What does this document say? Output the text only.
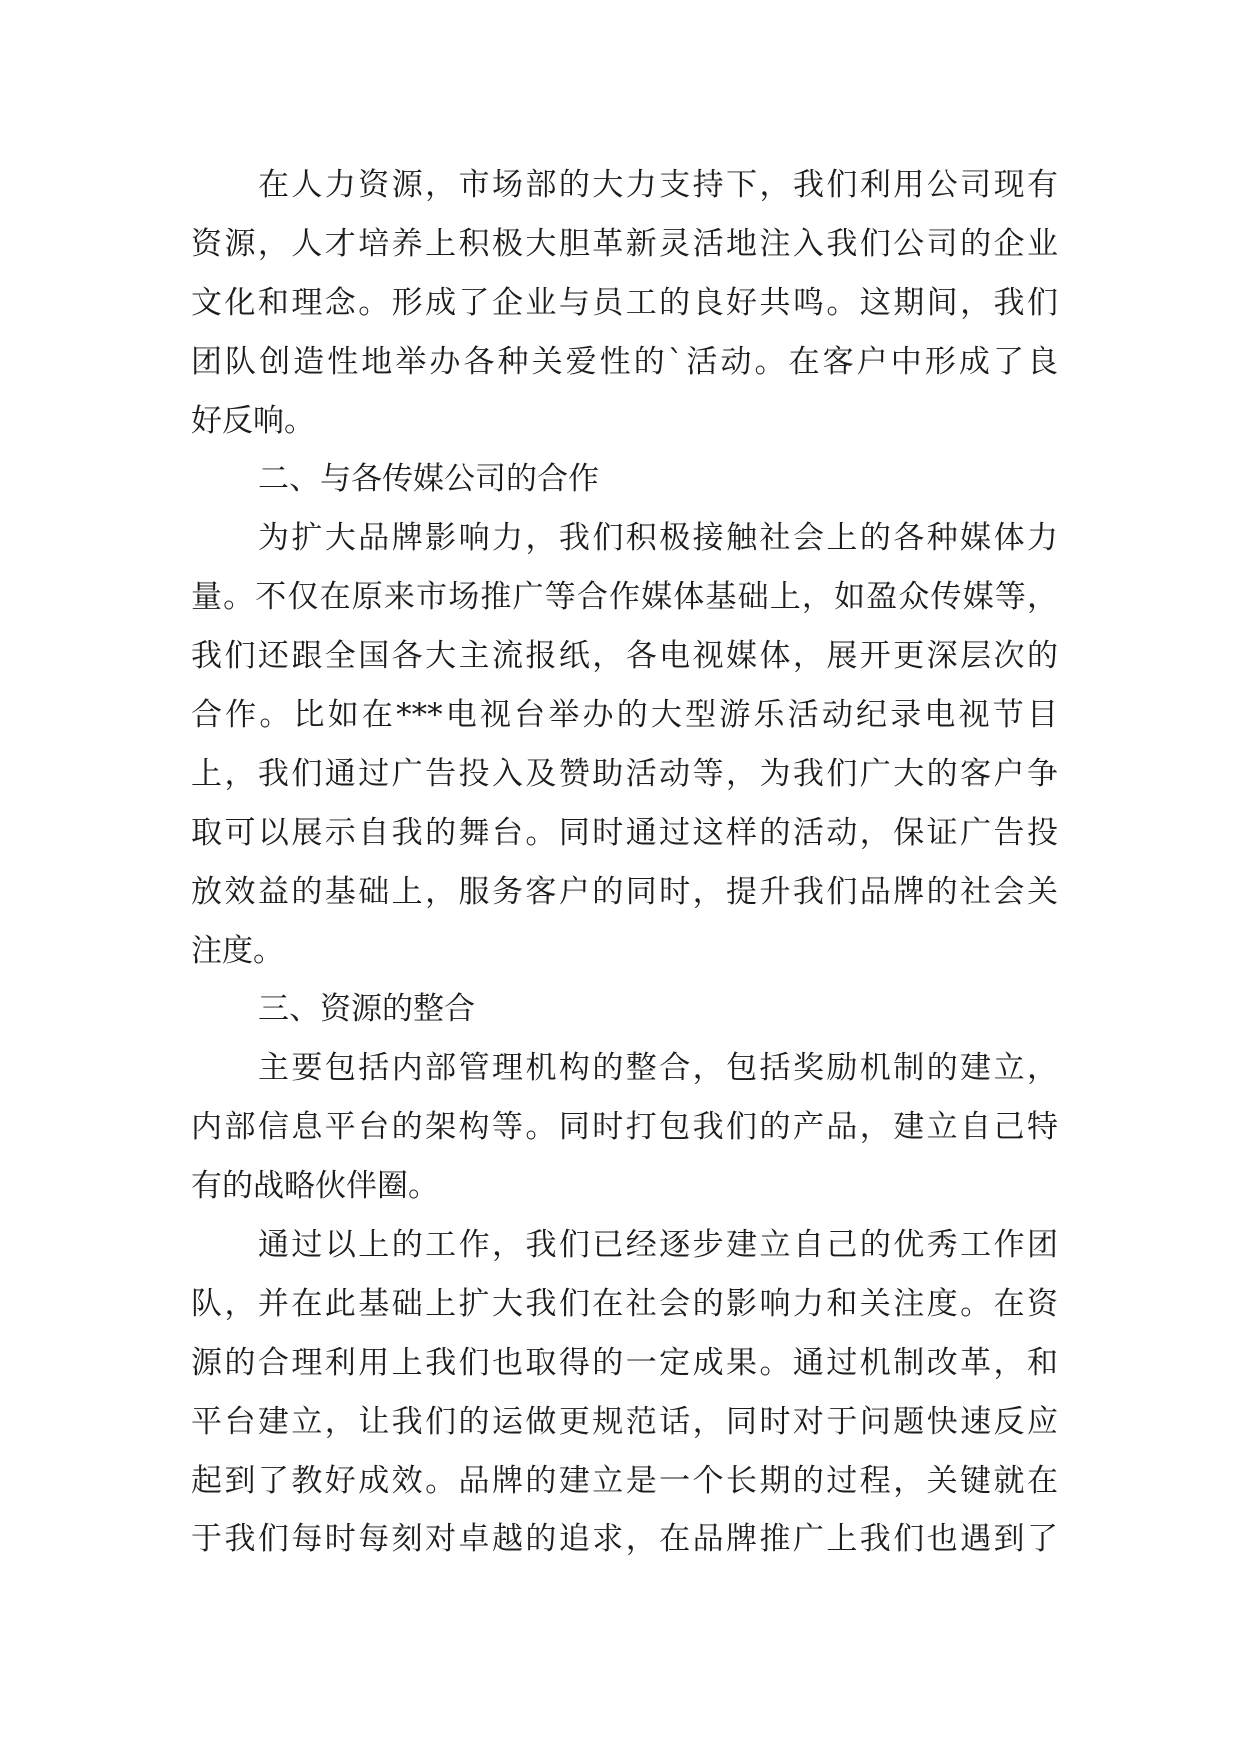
在人力资源，市场部的大力支持下，我们利用公司现有
资源，人才培养上积极大胆革新灵活地注入我们公司的企业
文化和理念。形成了企业与员工的良好共鸣。这期间，我们
团队创造性地举办各种关爱性的`活动。在客户中形成了良
好反响。
二、与各传媒公司的合作
为扩大品牌影响力，我们积极接触社会上的各种媒体力
量。不仅在原来市场推广等合作媒体基础上，如盈众传媒等，
我们还跟全国各大主流报纸，各电视媒体，展开更深层次的
合作。比如在***电视台举办的大型游乐活动纪录电视节目
上，我们通过广告投入及赞助活动等，为我们广大的客户争
取可以展示自我的舞台。同时通过这样的活动，保证广告投
放效益的基础上，服务客户的同时，提升我们品牌的社会关
注度。
三、资源的整合
主要包括内部管理机构的整合，包括奖励机制的建立，
内部信息平台的架构等。同时打包我们的产品，建立自己特
有的战略伙伴圈。
通过以上的工作，我们已经逐步建立自己的优秀工作团
队，并在此基础上扩大我们在社会的影响力和关注度。在资
源的合理利用上我们也取得的一定成果。通过机制改革，和
平台建立，让我们的运做更规范话，同时对于问题快速反应
起到了教好成效。品牌的建立是一个长期的过程，关键就在
于我们每时每刻对卓越的追求，在品牌推广上我们也遇到了
